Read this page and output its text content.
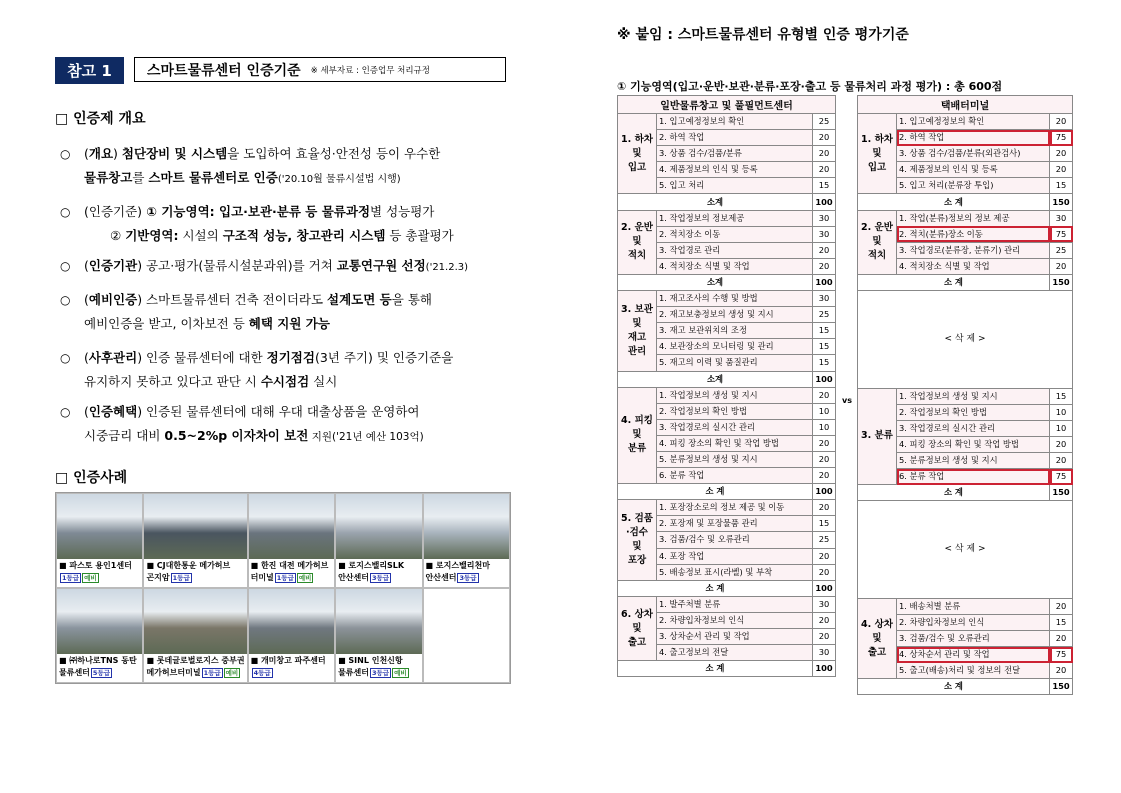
참고 1	스마트물류센터 인증기준 ※ 세부자료 : 인증업무 처리규정
□ 인증제 개요
○ (개요) 첨단장비 및 시스템을 도입하여 효율성·안전성 등이 우수한
물류창고를 스마트 물류센터로 인증('20.10월 물류시설법 시행)
○ (인증기준) ① 기능영역: 입고·보관·분류 등 물류과정별 성능평가
② 기반영역: 시설의 구조적 성능, 창고관리 시스템 등 총괄평가
○ (인증기관) 공고·평가(물류시설분과위)를 거쳐 교통연구원 선정('21.2.3)
○ (예비인증) 스마트물류센터 건축 전이더라도 설계도면 등을 통해
예비인증을 받고, 이차보전 등 혜택 지원 가능
○ (사후관리) 인증 물류센터에 대한 정기점검(3년 주기) 및 인증기준을
유지하지 못하고 있다고 판단 시 수시점검 실시
○ (인증혜택) 인증된 물류센터에 대해 우대 대출상품을 운영하여
시중금리 대비 0.5~2%p 이자차이 보전 지원('21년 예산 103억)
□ 인증사례
■ 파스토 용인1센터
1등급 예비
■ CJ대한통운 메가허브
곤지암 1등급
■ 한진 대전 메가허브
터미널 1등급 예비
■ 로지스밸리SLK
안산센터 3등급
■ 로지스밸리천마
안산센터 3등급
■ ㈜하나로TNS 동탄
물류센터 5등급
■ 롯데글로벌로지스 중부권
메가허브터미널 1등급 예비
■ 개미창고 파주센터
4등급
■ SINL 인천신항
물류센터 3등급 예비
※ 붙임 : 스마트물류센터 유형별 인증 평가기준
① 기능영역(입고·운반·보관·분류·포장·출고 등 물류처리 과정 평가) : 총 600점
일반물류창고 및 풀필먼트센터		
1. 하차
및
입고	1. 입고예정정보의 확인	25
	2. 하역 작업	20
	3. 상품 검수/검품/분류	20
	4. 제품정보의 인식 및 등록	20
	5. 입고 처리	15
소계		100
2. 운반
및
적치	1. 작업정보의 정보제공	30
	2. 적치장소 이동	30
	3. 작업경로 관리	20
	4. 적치장소 식별 및 작업	20
소계		100
3. 보관
및
재고
관리	1. 재고조사의 수행 및 방법	30
	2. 재고보충정보의 생성 및 지시	25
	3. 재고 보관위치의 조정	15
	4. 보관장소의 모니터링 및 관리	15
	5. 재고의 이력 및 품질관리	15
소계		100
4. 피킹
및
분류	1. 작업정보의 생성 및 지시	20
	2. 작업정보의 확인 방법	10
	3. 작업경로의 실시간 관리	10
	4. 피킹 장소의 확인 및 작업 방법	20
	5. 분류정보의 생성 및 지시	20
	6. 분류 작업	20
소 계		100
5. 검품
·검수
및
포장	1. 포장장소로의 정보 제공 및 이동	20
	2. 포장재 및 포장물품 관리	15
	3. 검품/검수 및 오류관리	25
	4. 포장 작업	20
	5. 배송정보 표시(라벨) 및 부착	20
소 계		100
6. 상차
및
출고	1. 발주처별 분류	30
	2. 차량입차정보의 인식	20
	3. 상차순서 관리 및 작업	20
	4. 출고정보의 전달	30
소 계		100
vs
택배터미널		
1. 하차
및
입고	1. 입고예정정보의 확인	20
	2. 하역 작업	75
	3. 상품 검수/검품/분류(외관검사)	20
	4. 제품정보의 인식 및 등록	20
	5. 입고 처리(분류장 투입)	15
소 계		150
2. 운반
및
적치	1. 작업(분류)정보의 정보 제공	30
	2. 적치(분류)장소 이동	75
	3. 작업경로(분류장, 분류기) 관리	25
	4. 적치장소 식별 및 작업	20
소 계		150
< 삭 제 >		

3. 분류	1. 작업정보의 생성 및 지시	15
	2. 작업정보의 확인 방법	10
	3. 작업경로의 실시간 관리	10
	4. 피킹 장소의 확인 및 작업 방법	20
	5. 분류정보의 생성 및 지시	20
	6. 분류 작업	75
소 계		150
< 삭 제 >		

4. 상차
및
출고	1. 배송처별 분류	20
	2. 차량입차정보의 인식	15
	3. 검품/검수 및 오류관리	20
	4. 상차순서 관리 및 작업	75
	5. 출고(배송)처리 및 정보의 전달	20
소 계		150
